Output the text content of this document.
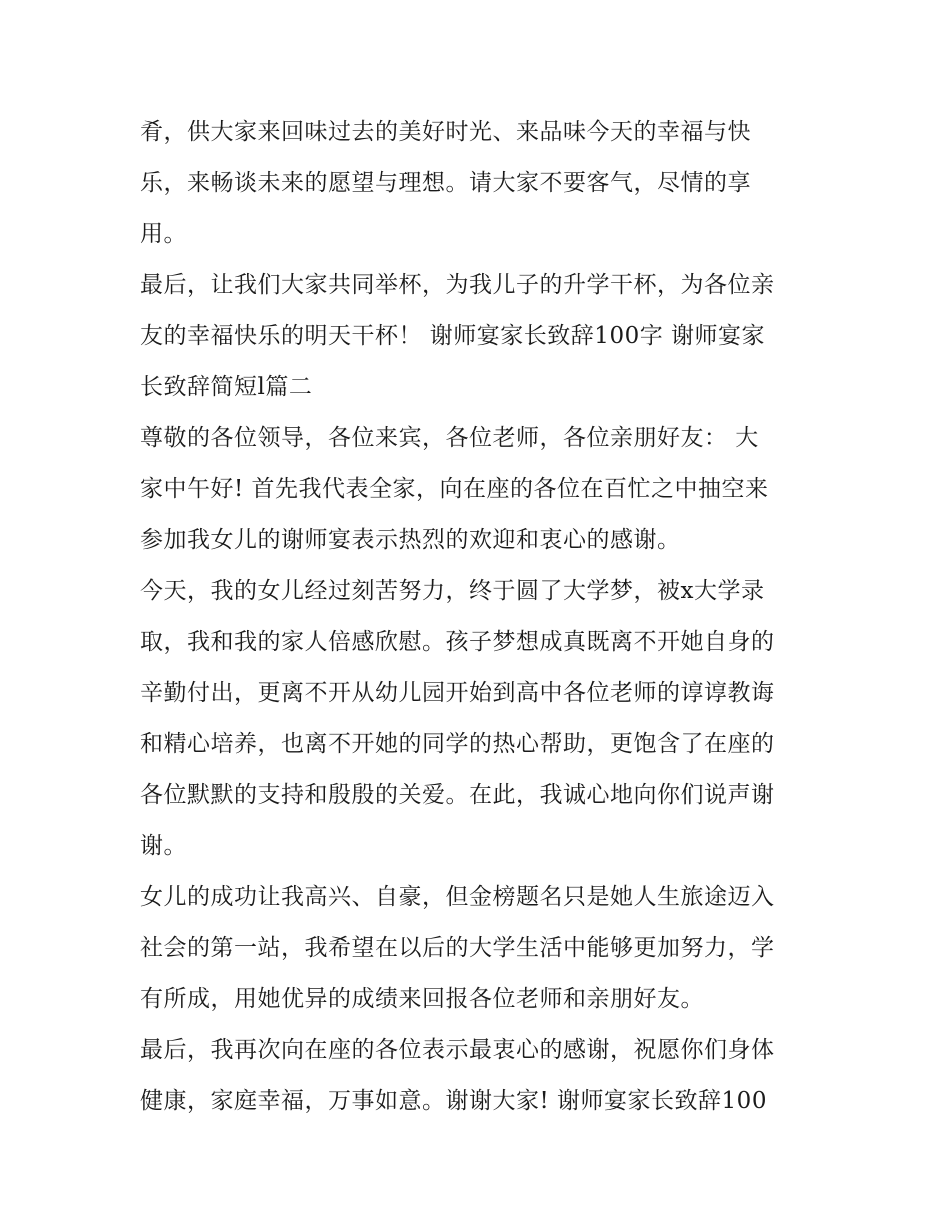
肴，供大家来回味过去的美好时光、来品味今天的幸福与快
乐，来畅谈未来的愿望与理想。请大家不要客气，尽情的享
用。

最后，让我们大家共同举杯，为我儿子的升学干杯，为各位亲
友的幸福快乐的明天干杯！ 谢师宴家长致辞100字 谢师宴家
长致辞简短l篇二

尊敬的各位领导，各位来宾，各位老师，各位亲朋好友： 大
家中午好! 首先我代表全家，向在座的各位在百忙之中抽空来
参加我女儿的谢师宴表示热烈的欢迎和衷心的感谢。

今天，我的女儿经过刻苦努力，终于圆了大学梦，被x大学录
取，我和我的家人倍感欣慰。孩子梦想成真既离不开她自身的
辛勤付出，更离不开从幼儿园开始到高中各位老师的谆谆教诲
和精心培养，也离不开她的同学的热心帮助，更饱含了在座的
各位默默的支持和殷殷的关爱。在此，我诚心地向你们说声谢
谢。

女儿的成功让我高兴、自豪，但金榜题名只是她人生旅途迈入
社会的第一站，我希望在以后的大学生活中能够更加努力，学
有所成，用她优异的成绩来回报各位老师和亲朋好友。

最后，我再次向在座的各位表示最衷心的感谢，祝愿你们身体
健康，家庭幸福，万事如意。谢谢大家! 谢师宴家长致辞100
